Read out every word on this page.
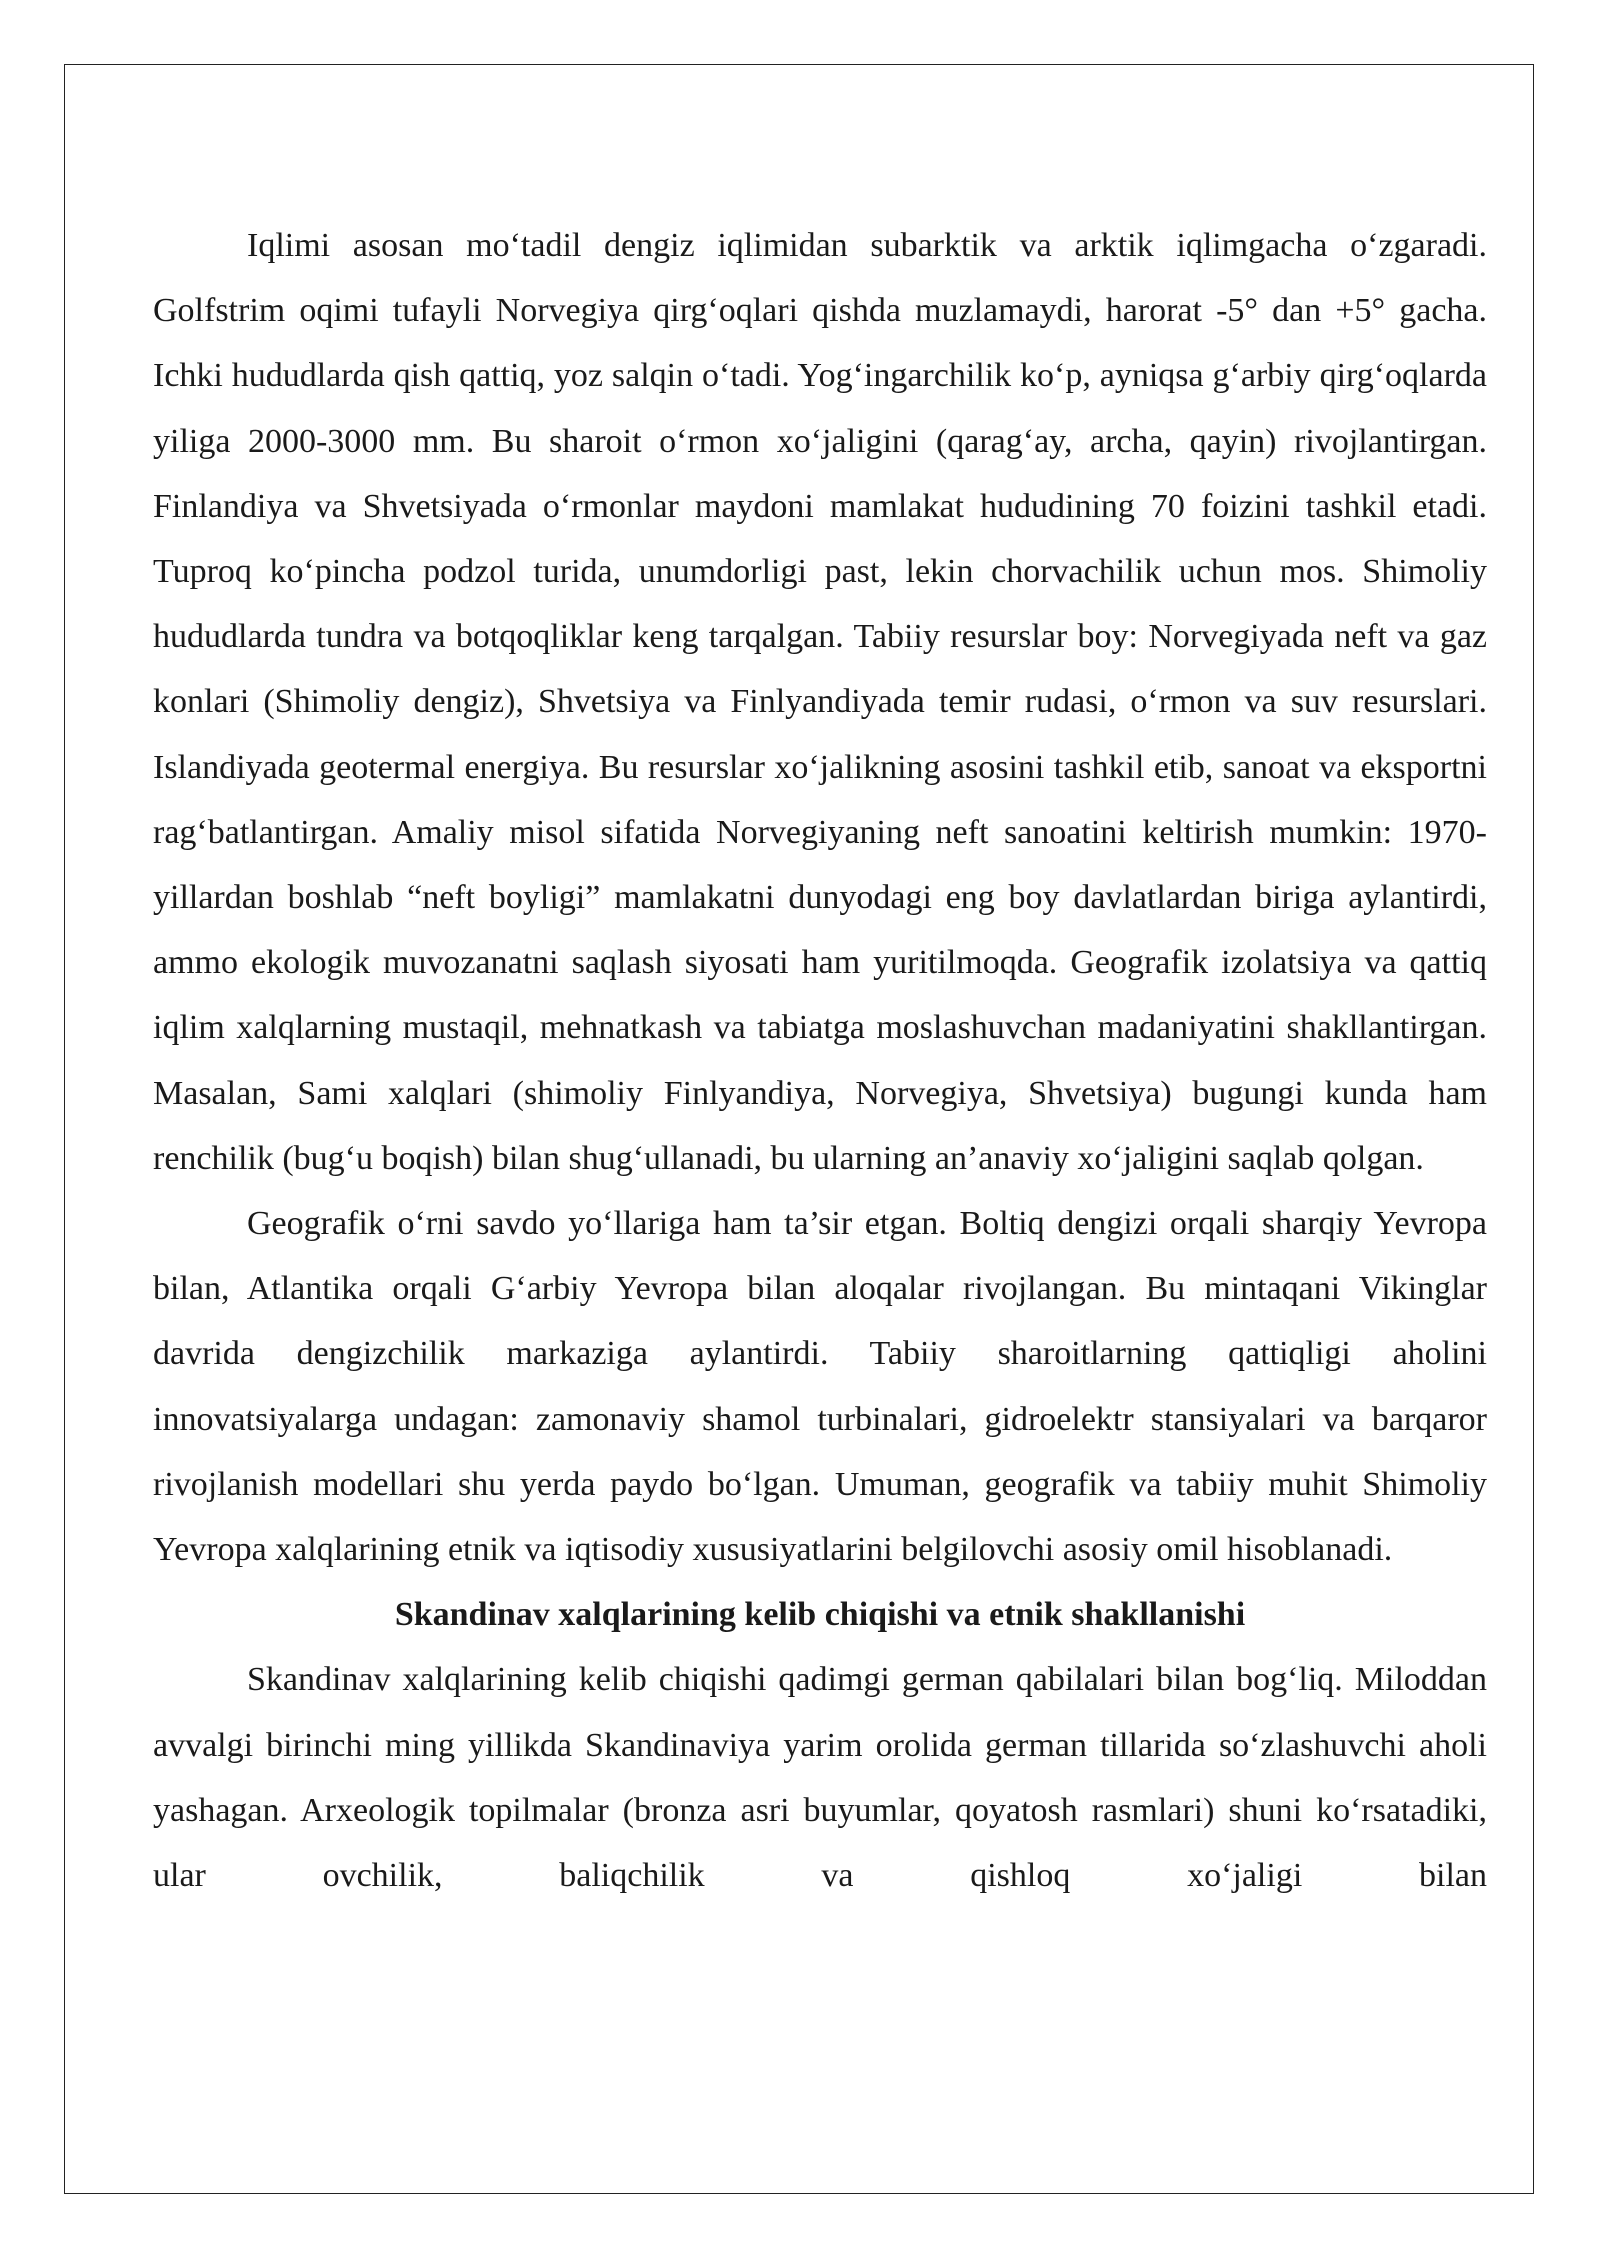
Iqlimi asosan mo‘tadil dengiz iqlimidan subarktik va arktik iqlimgacha o‘zgaradi. Golfstrim oqimi tufayli Norvegiya qirg‘oqlari qishda muzlamaydi, harorat -5° dan +5° gacha. Ichki hududlarda qish qattiq, yoz salqin o‘tadi. Yog‘ingarchilik ko‘p, ayniqsa g‘arbiy qirg‘oqlarda yiliga 2000-3000 mm. Bu sharoit o‘rmon xo‘jaligini (qarag‘ay, archa, qayin) rivojlantirgan. Finlandiya va Shvetsiyada o‘rmonlar maydoni mamlakat hududining 70 foizini tashkil etadi. Tuproq ko‘pincha podzol turida, unumdorligi past, lekin chorvachilik uchun mos. Shimoliy hududlarda tundra va botqoqliklar keng tarqalgan. Tabiiy resurslar boy: Norvegiyada neft va gaz konlari (Shimoliy dengiz), Shvetsiya va Finlyandiyada temir rudasi, o‘rmon va suv resurslari. Islandiyada geotermal energiya. Bu resurslar xo‘jalikning asosini tashkil etib, sanoat va eksportni rag‘batlantirgan. Amaliy misol sifatida Norvegiyaning neft sanoatini keltirish mumkin: 1970-yillardan boshlab “neft boyligi” mamlakatni dunyodagi eng boy davlatlardan biriga aylantirdi, ammo ekologik muvozanatni saqlash siyosati ham yuritilmoqda. Geografik izolatsiya va qattiq iqlim xalqlarning mustaqil, mehnatkash va tabiatga moslashuvchan madaniyatini shakllantirgan. Masalan, Sami xalqlari (shimoliy Finlyandiya, Norvegiya, Shvetsiya) bugungi kunda ham renchilik (bug‘u boqish) bilan shug‘ullanadi, bu ularning an’anaviy xo‘jaligini saqlab qolgan.

Geografik o‘rni savdo yo‘llariga ham ta’sir etgan. Boltiq dengizi orqali sharqiy Yevropa bilan, Atlantika orqali G‘arbiy Yevropa bilan aloqalar rivojlangan. Bu mintaqani Vikinglar davrida dengizchilik markaziga aylantirdi. Tabiiy sharoitlarning qattiqligi aholini innovatsiyalarga undagan: zamonaviy shamol turbinalari, gidroelektr stansiyalari va barqaror rivojlanish modellari shu yerda paydo bo‘lgan. Umuman, geografik va tabiiy muhit Shimoliy Yevropa xalqlarining etnik va iqtisodiy xususiyatlarini belgilovchi asosiy omil hisoblanadi.

Skandinav xalqlarining kelib chiqishi va etnik shakllanishi

Skandinav xalqlarining kelib chiqishi qadimgi german qabilalari bilan bog‘liq. Miloddan avvalgi birinchi ming yillikda Skandinaviya yarim orolida german tillarida so‘zlashuvchi aholi yashagan. Arxeologik topilmalar (bronza asri buyumlar, qoyatosh rasmlari) shuni ko‘rsatadiki, ular ovchilik, baliqchilik va qishloq xo‘jaligi bilan
